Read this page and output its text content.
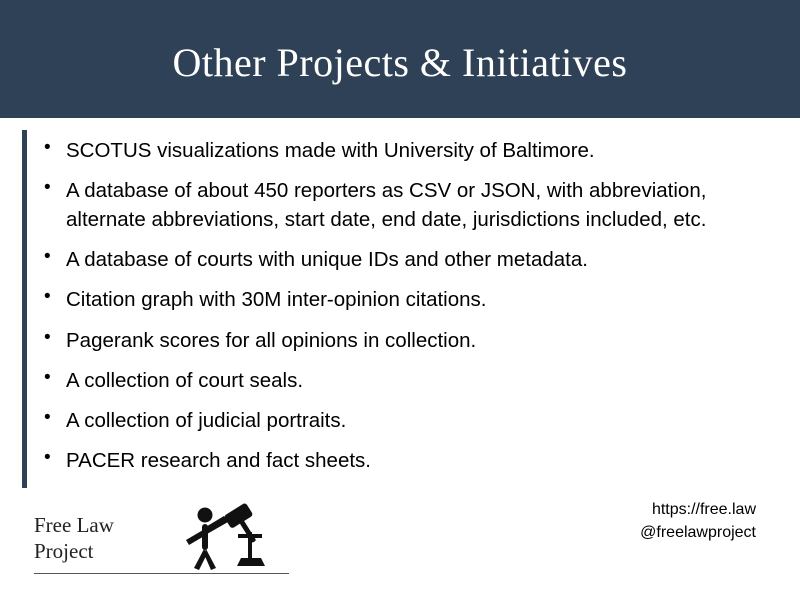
Other Projects & Initiatives
• SCOTUS visualizations made with University of Baltimore.
• A database of about 450 reporters as CSV or JSON, with abbreviation, alternate abbreviations, start date, end date, jurisdictions included, etc.
• A database of courts with unique IDs and other metadata.
• Citation graph with 30M inter-opinion citations.
• Pagerank scores for all opinions in collection.
• A collection of court seals.
• A collection of judicial portraits.
• PACER research and fact sheets.
https://free.law
@freelawproject
Free Law
Project
